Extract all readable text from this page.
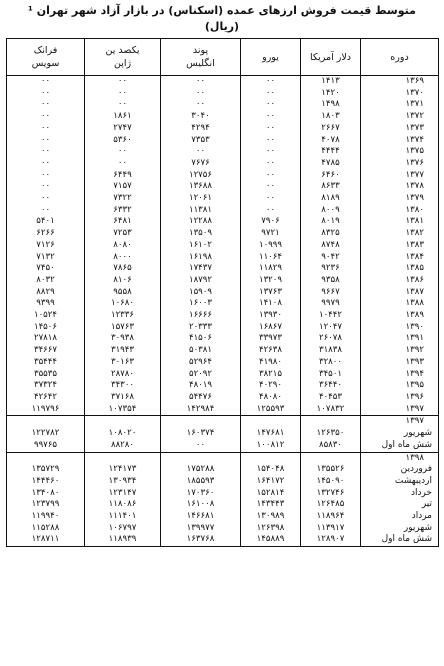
متوسط قیمت فروش ارزهای عمده (اسکناس) در بازار آزاد شهر تهران ¹
(ریال)
دوره	دلار آمریکا	یورو	پوند انگلیس	یکصد ین ژاپن	فرانک سویس
۱۳۶۹	۱۴۱۳	۰۰	۰۰	۰۰	۰۰
۱۳۷۰	۱۴۲۰	۰۰	۰۰	۰۰	۰۰
۱۳۷۱	۱۴۹۸	۰۰	۰۰	۰۰	۰۰
۱۳۷۲	۱۸۰۳	۰۰	۳۰۴۰	۱۸۶۱	۰۰
۱۳۷۳	۲۶۶۷	۰۰	۴۲۹۴	۲۷۴۷	۰۰
۱۳۷۴	۴۰۷۸	۰۰	۷۳۵۳	۵۳۶۰	۰۰
۱۳۷۵	۴۴۴۴	۰۰	۰۰	۰۰	۰۰
۱۳۷۶	۴۷۸۵	۰۰	۷۶۷۶	۰۰	۰۰
۱۳۷۷	۶۴۶۰	۰۰	۱۲۷۵۶	۶۴۴۹	۰۰
۱۳۷۸	۸۶۳۳	۰۰	۱۳۶۸۸	۷۱۵۷	۰۰
۱۳۷۹	۸۱۸۹	۰۰	۱۲۰۶۱	۷۳۲۲	۰۰
۱۳۸۰	۸۰۰۹	۰۰	۱۱۳۸۱	۶۳۳۲	۰۰
۱۳۸۱	۸۰۱۹	۷۹۰۶	۱۲۲۸۸	۶۴۸۱	۵۴۰۱
۱۳۸۲	۸۳۲۵	۹۷۲۱	۱۳۵۰۹	۷۲۵۳	۶۲۶۶
۱۳۸۳	۸۷۴۸	۱۰۹۹۹	۱۶۱۰۲	۸۰۸۰	۷۱۲۶
۱۳۸۴	۹۰۴۲	۱۱۰۶۴	۱۶۱۹۸	۸۰۰۰	۷۱۳۲
۱۳۸۵	۹۲۳۶	۱۱۸۲۹	۱۷۴۳۷	۷۸۶۵	۷۴۵۰
۱۳۸۶	۹۳۵۸	۱۳۲۰۹	۱۸۷۹۲	۸۱۰۶	۸۰۳۲
۱۳۸۷	۹۶۶۷	۱۳۷۶۳	۱۵۹۰۹	۹۵۵۸	۸۸۲۹
۱۳۸۸	۹۹۷۹	۱۴۱۰۸	۱۶۰۰۳	۱۰۶۸۰	۹۳۹۹
۱۳۸۹	۱۰۴۴۲	۱۳۹۳۰	۱۶۶۶۶	۱۲۳۳۶	۱۰۵۲۴
۱۳۹۰	۱۲۰۴۷	۱۶۸۶۷	۲۰۳۳۳	۱۵۷۶۳	۱۴۵۰۶
۱۳۹۱	۲۶۰۷۸	۳۳۹۷۳	۴۱۵۰۶	۳۰۹۳۸	۲۷۸۱۸
۱۳۹۲	۳۱۸۳۸	۴۲۶۳۸	۵۰۳۸۱	۳۱۹۴۳	۳۴۶۶۷
۱۳۹۳	۳۲۸۰۰	۴۱۹۸۰	۵۲۹۶۴	۳۰۱۶۳	۳۵۴۴۴
۱۳۹۴	۳۴۵۰۱	۳۸۲۱۵	۵۲۰۹۲	۲۸۷۸۰	۳۵۵۳۵
۱۳۹۵	۳۶۴۴۰	۴۰۲۹۰	۴۸۰۱۹	۳۴۳۰۰	۳۷۳۲۴
۱۳۹۶	۴۰۴۵۳	۴۸۰۸۰	۵۴۴۷۶	۳۷۱۶۸	۴۲۶۴۲
۱۳۹۷	۱۰۷۸۳۲	۱۲۵۵۹۳	۱۴۲۹۸۴	۱۰۷۳۵۴	۱۱۹۷۹۶
۱۳۹۷					
شهریور	۱۲۶۳۵۰	۱۴۷۶۸۱	۱۶۰۳۷۴	۱۰۸۰۲۰	۱۲۲۷۸۲
شش ماه اول	۸۵۸۳۰	۱۰۰۸۱۲	۰۰	۸۸۲۸۰	۹۹۷۶۵
۱۳۹۸					
فروردین	۱۳۵۵۲۶	۱۵۴۰۴۸	۱۷۵۲۸۸	۱۲۴۱۷۳	۱۳۵۷۲۹
اردیبهشت	۱۴۵۰۹۰	۱۶۴۱۷۲	۱۸۵۵۹۳	۱۳۰۹۳۴	۱۴۴۴۶۰
خرداد	۱۳۲۷۴۶	۱۵۲۸۱۴	۱۷۰۳۶۰	۱۲۳۱۴۷	۱۳۴۰۸۰
تیر	۱۲۶۴۸۵	۱۴۳۴۴۳	۱۶۱۰۰۸	۱۱۸۰۸۶	۱۲۳۷۹۹
مرداد	۱۱۸۹۶۴	۱۳۰۹۸۹	۱۴۶۶۸۱	۱۱۱۴۰۱	۱۱۹۹۴۰
شهریور	۱۱۳۹۱۷	۱۲۶۳۹۸	۱۳۹۹۷۷	۱۰۶۷۹۷	۱۱۵۲۸۸
شش ماه اول	۱۲۸۹۰۷	۱۴۵۸۸۹	۱۶۳۷۶۸	۱۱۸۹۳۹	۱۲۸۷۱۱
